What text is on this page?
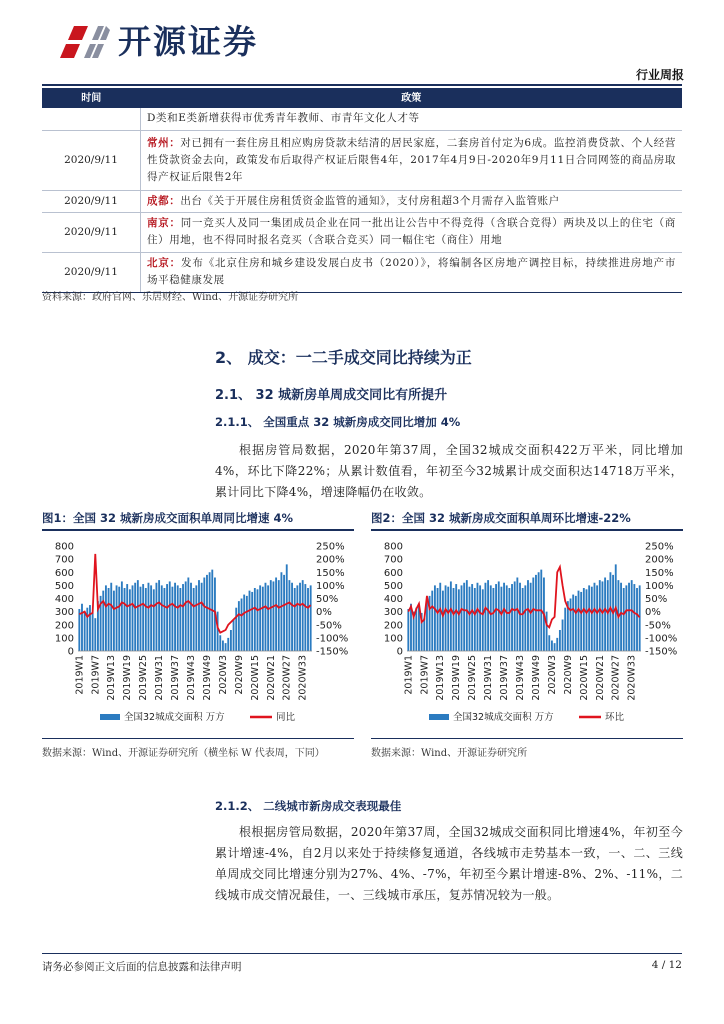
开源证券
行业周报
时间	政策
	D类和E类新增获得市优秀青年教师、市青年文化人才等
2020/9/11	常州：对已拥有一套住房且相应购房贷款未结清的居民家庭，二套房首付定为6成。监控消费贷款、个人经营性贷款资金去向，政策发布后取得产权证后限售4年，2017年4月9日-2020年9月11日合同网签的商品房取得产权证后限售2年
2020/9/11	成都：出台《关于开展住房租赁资金监管的通知》，支付房租超3个月需存入监管账户
2020/9/11	南京：同一竞买人及同一集团成员企业在同一批出让公告中不得竞得（含联合竞得）两块及以上的住宅（商住）用地，也不得同时报名竞买（含联合竞买）同一幅住宅（商住）用地
2020/9/11	北京：发布《北京住房和城乡建设发展白皮书（2020）》，将编制各区房地产调控目标，持续推进房地产市场平稳健康发展
资料来源：政府官网、乐居财经、Wind、开源证券研究所
2、 成交：一二手成交同比持续为正
2.1、 32 城新房单周成交同比有所提升
2.1.1、 全国重点 32 城新房成交同比增加 4%
根据房管局数据，2020年第37周，全国32城成交面积422万平米，同比增加4%，环比下降22%；从累计数值看，年初至今32城累计成交面积达14718万平米，累计同比下降4%，增速降幅仍在收敛。
图1：全国 32 城新房成交面积单周同比增速 4%	图2：全国 32 城新房成交面积单周环比增速-22%
800
700
600
500
400
300
200
100
0
250%
200%
150%
100%
50%
0%
-50%
-100%
-150%
2019W1 2019W7 2019W13 2019W19 2019W25 2019W31 2019W37 2019W43 2019W49 2020W3 2020W9 2020W15 2020W21 2020W27 2020W33
全国32城成交面积 万方	同比
800
700
600
500
400
300
200
100
0
250%
200%
150%
100%
50%
0%
-50%
-100%
-150%
2019W1 2019W7 2019W13 2019W19 2019W25 2019W31 2019W37 2019W43 2019W49 2020W3 2020W9 2020W15 2020W21 2020W27 2020W33
全国32城成交面积 万方	环比
数据来源：Wind、开源证券研究所（横坐标 W 代表周，下同）	数据来源：Wind、开源证券研究所
2.1.2、 二线城市新房成交表现最佳
根根据房管局数据，2020年第37周，全国32城成交面积同比增速4%，年初至今累计增速-4%，自2月以来处于持续修复通道，各线城市走势基本一致，一、二、三线单周成交同比增速分别为27%、4%、-7%，年初至今累计增速-8%、2%、-11%，二线城市成交情况最佳，一、三线城市承压，复苏情况较为一般。
请务必参阅正文后面的信息披露和法律声明	4 / 12
